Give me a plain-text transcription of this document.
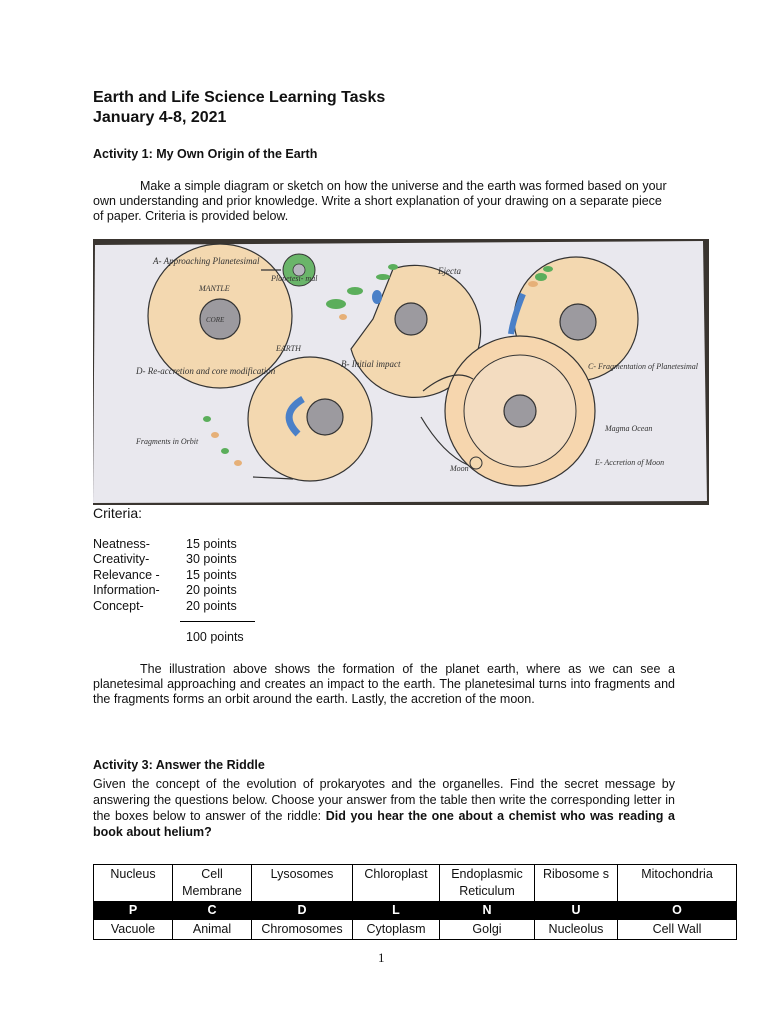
Earth and Life Science Learning Tasks
January 4-8, 2021
Activity 1: My Own Origin of the Earth
Make a simple diagram or sketch on how the universe and the earth was formed based on your own understanding and prior knowledge. Write a short explanation of your drawing on a separate piece of paper. Criteria is provided below.
A- Approaching Planetesimal
Planetesi- mal
MANTLE
CORE
EARTH
B- Initial impact
Ejecta
C- Fragmentation of Planetesimal
D- Re-accretion and core modification
Fragments in Orbit
Magma Ocean
Moon
E- Accretion of Moon
Criteria:
Neatness-	15 points
Creativity-	30 points
Relevance - 15 points
Information- 20 points
Concept-	20 points
100 points
The illustration above shows the formation of the planet earth, where as we can see a planetesimal approaching and creates an impact to the earth. The planetesimal turns into fragments and the fragments forms an orbit around the earth. Lastly, the accretion of the moon.
Activity 3: Answer the Riddle
Given the concept of the evolution of prokaryotes and the organelles. Find the secret message by answering the questions below. Choose your answer from the table then write the corresponding letter in the boxes below to answer of the riddle: Did you hear the one about a chemist who was reading a book about helium?
Nucleus	Cell Membrane	Lysosomes	Chloroplast	Endoplasmic Reticulum	Ribosome s	Mitochondria
P	C	D	L	N	U	O
Vacuole	Animal	Chromosomes	Cytoplasm	Golgi	Nucleolus	Cell Wall
1
